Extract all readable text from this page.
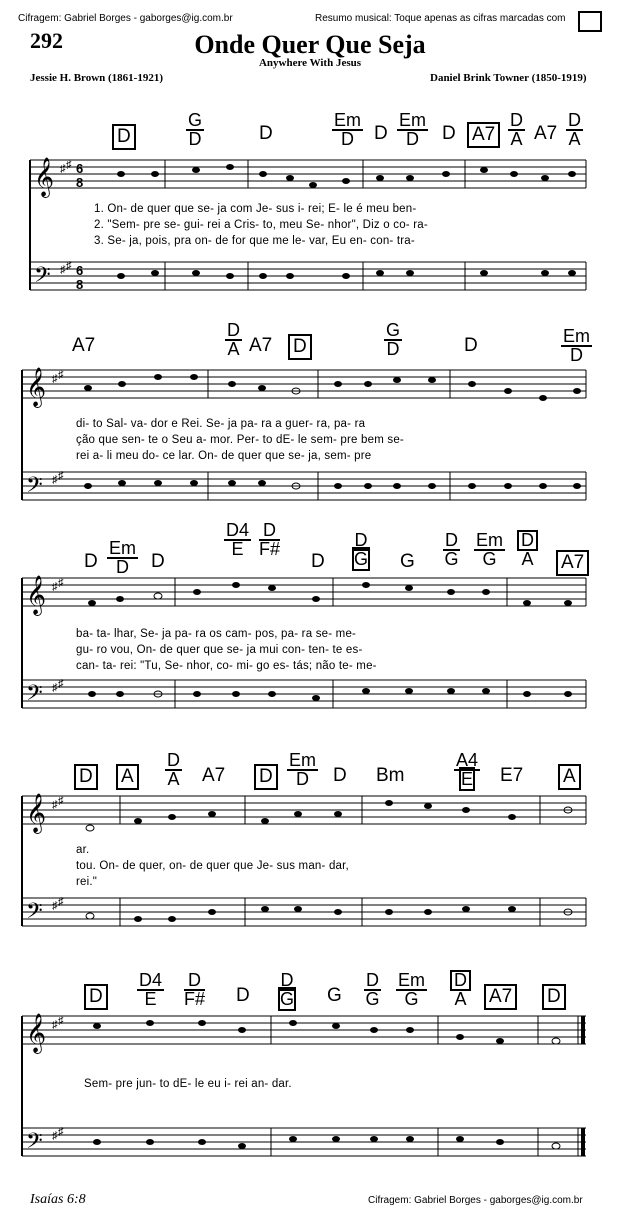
Cifragem: Gabriel Borges - gaborges@ig.com.br	Resumo musical: Toque apenas as cifras marcadas com
292	Onde Quer Que Seja
Anywhere With Jesus
Jessie H. Brown (1861-1921)	Daniel Brink Towner (1850-1919)
D	$\frac{G}{D}$	D	$\frac{Em}{D}$ D $\frac{Em}{D}$ D $A7 \frac{D}{A} A7 \frac{D}{A}$
𝄞
𝄢
♯ ♯
♯ ♯
6
8
6
8
1. On- de quer que se- ja com Je- sus i- rei; E- le é meu ben-
2. "Sem- pre se- gui- rei a Cris- to, meu Se- nhor", Diz o co- ra-
3. Se- ja, pois, pra on- de for que me le- var, Eu en- con- tra-
A7	$\frac{D}{A} A7$ D	$\frac{G}{D}$	D	$\frac{Em}{D}$
𝄞
𝄢
♯ ♯
♯ ♯
di- to Sal- va- dor e Rei. Se- ja pa- ra a guer- ra, pa- ra
ção que sen- te o Seu a- mor. Per- to dE- le sem- pre bem se-
rei a- li meu do- ce lar. On- de quer que se- ja, sem- pre
D $\frac{Em}{D}$ D
$\frac{D4}{E} \frac{D}{F\#}$
D $\frac{D}{G}$ G $\frac{D}{G} \frac{Em}{G} \frac{D}{A} A7$
𝄞
𝄢
♯ ♯
♯ ♯
ba- ta- lhar, Se- ja pa- ra os cam- pos, pa- ra se- me-
gu- ro vou, On- de quer que se- ja mui con- ten- te es-
can- ta- rei: "Tu, Se- nhor, co- mi- go es- tás; não te- me-
D A $\frac{D}{A} A7$ D $\frac{Em}{D}$ D Bm	$\frac{A4}{E} E7$ A
𝄞
𝄢
♯ ♯
♯ ♯
ar.
tou. On- de quer, on- de quer que Je- sus man- dar,
rei."
D $\frac{D4}{E} \frac{D}{F\#}$ D $\frac{D}{G}$ G $\frac{D}{G} \frac{Em}{G} \frac{D}{A} A7$ D
𝄞
𝄢
♯ ♯
♯ ♯
Sem- pre jun- to dE- le eu i- rei an- dar.
Isaías 6:8	Cifragem: Gabriel Borges - gaborges@ig.com.br
